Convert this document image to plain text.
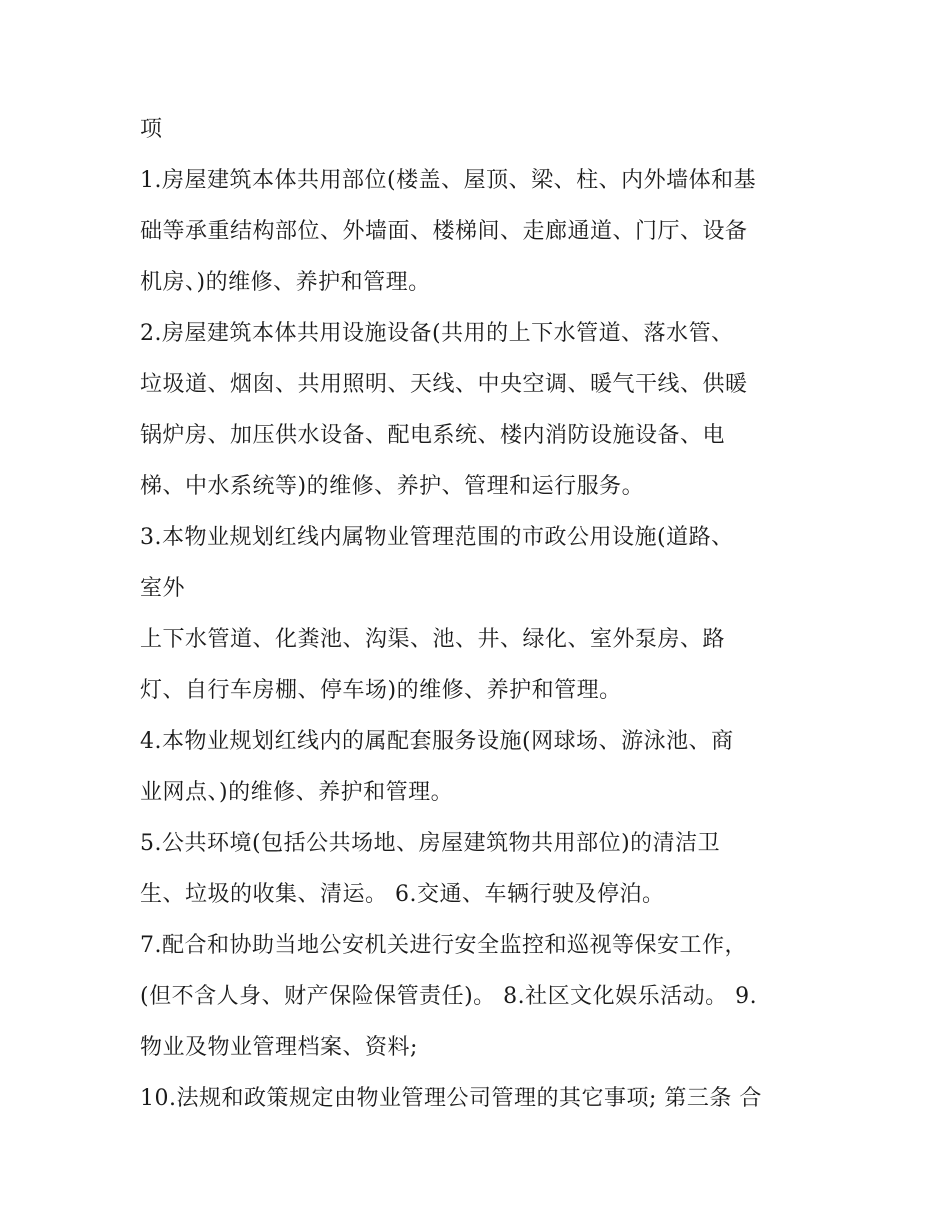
项
1.房屋建筑本体共用部位(楼盖、屋顶、梁、柱、内外墙体和基
础等承重结构部位、外墙面、楼梯间、走廊通道、门厅、设备
机房、)的维修、养护和管理。
2.房屋建筑本体共用设施设备(共用的上下水管道、落水管、
垃圾道、烟囱、共用照明、天线、中央空调、暖气干线、供暖
锅炉房、加压供水设备、配电系统、楼内消防设施设备、电
梯、中水系统等)的维修、养护、管理和运行服务。
3.本物业规划红线内属物业管理范围的市政公用设施(道路、
室外
上下水管道、化粪池、沟渠、池、井、绿化、室外泵房、路
灯、自行车房棚、停车场)的维修、养护和管理。
4.本物业规划红线内的属配套服务设施(网球场、游泳池、商
业网点、)的维修、养护和管理。
5.公共环境(包括公共场地、房屋建筑物共用部位)的清洁卫
生、垃圾的收集、清运。 6.交通、车辆行驶及停泊。
7.配合和协助当地公安机关进行安全监控和巡视等保安工作，
(但不含人身、财产保险保管责任)。 8.社区文化娱乐活动。 9.
物业及物业管理档案、资料;
10.法规和政策规定由物业管理公司管理的其它事项; 第三条 合
